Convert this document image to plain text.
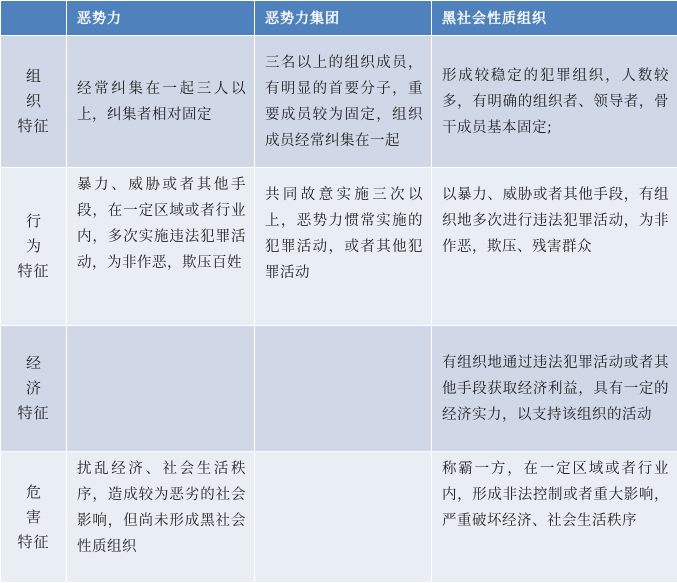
	恶势力	恶势力集团	黑社会性质组织

组织
特征	经常纠集在一起三人以上，纠集者相对固定	三名以上的组织成员，有明显的首要分子，重要成员较为固定，组织成员经常纠集在一起	形成较稳定的犯罪组织，人数较多，有明确的组织者、领导者，骨干成员基本固定;

行为
特征	暴力、威胁或者其他手段，在一定区域或者行业内，多次实施违法犯罪活动，为非作恶，欺压百姓	共同故意实施三次以上，恶势力惯常实施的犯罪活动，或者其他犯罪活动	以暴力、威胁或者其他手段，有组织地多次进行违法犯罪活动，为非作恶，欺压、残害群众

经济
特征			有组织地通过违法犯罪活动或者其他手段获取经济利益，具有一定的经济实力，以支持该组织的活动

危害
特征	扰乱经济、社会生活秩序，造成较为恶劣的社会影响，但尚未形成黑社会性质组织		称霸一方，在一定区域或者行业内，形成非法控制或者重大影响，严重破坏经济、社会生活秩序
